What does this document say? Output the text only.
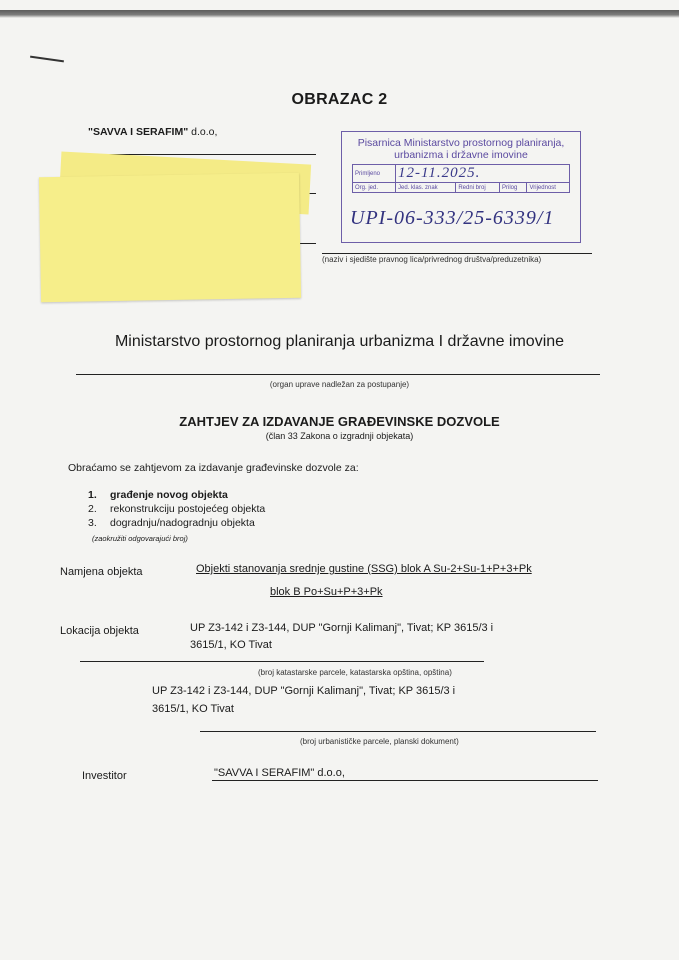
OBRAZAC 2
"SAVVA I SERAFIM" d.o.o,
Pisarnica Ministarstvo prostornog planiranja,
urbanizma i državne imovine
Primljeno	12-11.2025.			
Org. jed.	Jed. klas. znak	Redni broj	Prilog	Vrijednost
UPI-06-333/25-6339/1
(naziv i sjedište pravnog lica/privrednog društva/preduzetnika)
Ministarstvo prostornog planiranja urbanizma I državne imovine
(organ uprave nadležan za postupanje)
ZAHTJEV ZA IZDAVANJE GRAĐEVINSKE DOZVOLE
(član 33 Zakona o izgradnji objekata)
Obraćamo se zahtjevom za izdavanje građevinske dozvole za:
1. građenje novog objekta
2. rekonstrukciju postojećeg objekta
3. dogradnju/nadogradnju objekta
(zaokružiti odgovarajući broj)
Namjena objekta	Objekti stanovanja srednje gustine (SSG) blok A Su-2+Su-1+P+3+Pk
blok B Po+Su+P+3+Pk
Lokacija objekta	UP Z3-142 i Z3-144, DUP "Gornji Kalimanj", Tivat; KP 3615/3 i
3615/1, KO Tivat
(broj katastarske parcele, katastarska opština, opština)
UP Z3-142 i Z3-144, DUP "Gornji Kalimanj", Tivat; KP 3615/3 i
3615/1, KO Tivat
(broj urbanističke parcele, planski dokument)
Investitor	"SAVVA I SERAFIM" d.o.o,
